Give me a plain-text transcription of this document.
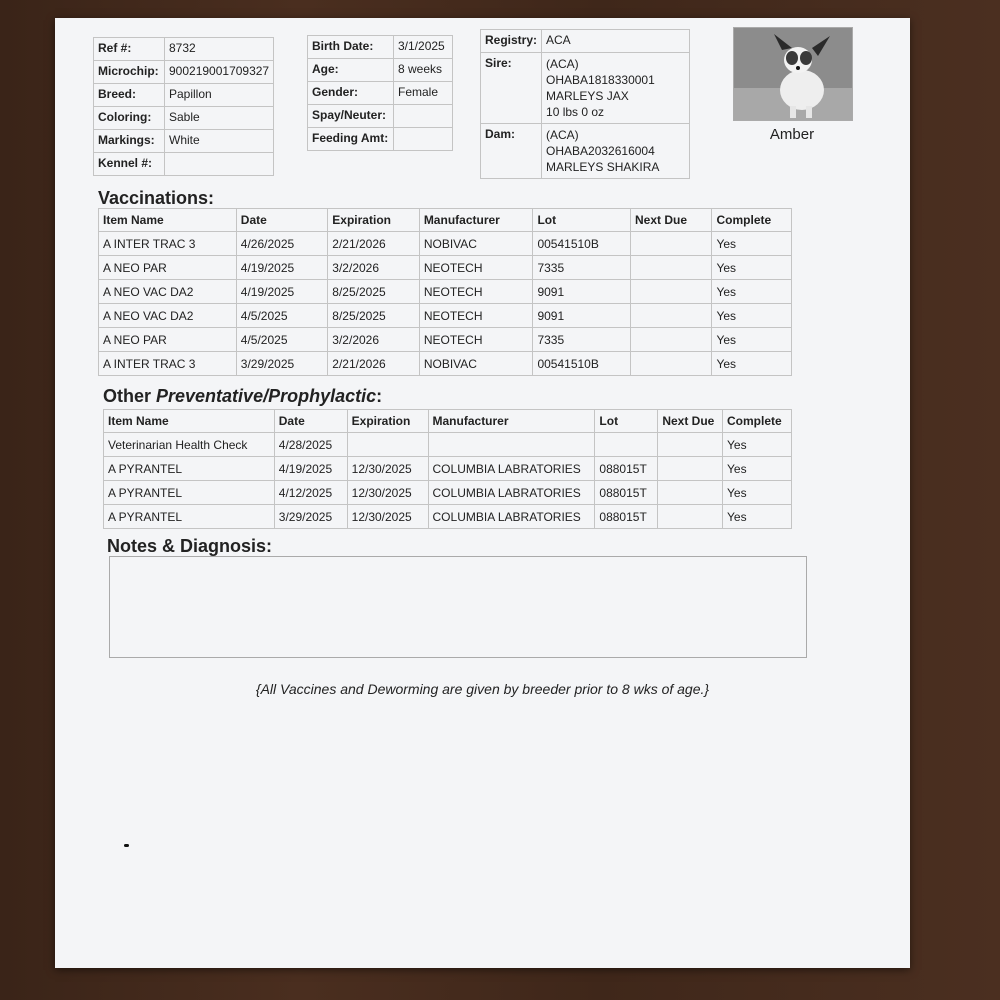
Ref #:	8732
Microchip:	900219001709327
Breed:	Papillon
Coloring:	Sable
Markings:	White
Kennel #:	
Birth Date:	3/1/2025
Age:	8 weeks
Gender:	Female
Spay/Neuter:	
Feeding Amt:	
Registry:	ACA
Sire:	(ACA) OHABA1818330001
MARLEYS JAX
10 lbs 0 oz

Dam:	(ACA) OHABA2032616004
MARLEYS SHAKIRA
Amber
Vaccinations:
Item Name	Date	Expiration	Manufacturer	Lot	Next Due	Complete
A INTER TRAC 3	4/26/2025	2/21/2026	NOBIVAC	00541510B		Yes
A NEO PAR	4/19/2025	3/2/2026	NEOTECH	7335		Yes
A NEO VAC DA2	4/19/2025	8/25/2025	NEOTECH	9091		Yes
A NEO VAC DA2	4/5/2025	8/25/2025	NEOTECH	9091		Yes
A NEO PAR	4/5/2025	3/2/2026	NEOTECH	7335		Yes
A INTER TRAC 3	3/29/2025	2/21/2026	NOBIVAC	00541510B		Yes
Other Preventative/Prophylactic:
Item Name	Date	Expiration	Manufacturer	Lot	Next Due	Complete
Veterinarian Health Check	4/28/2025					Yes
A PYRANTEL	4/19/2025	12/30/2025	COLUMBIA LABRATORIES	088015T		Yes
A PYRANTEL	4/12/2025	12/30/2025	COLUMBIA LABRATORIES	088015T		Yes
A PYRANTEL	3/29/2025	12/30/2025	COLUMBIA LABRATORIES	088015T		Yes
Notes & Diagnosis:
{All Vaccines and Deworming are given by breeder prior to 8 wks of age.}
